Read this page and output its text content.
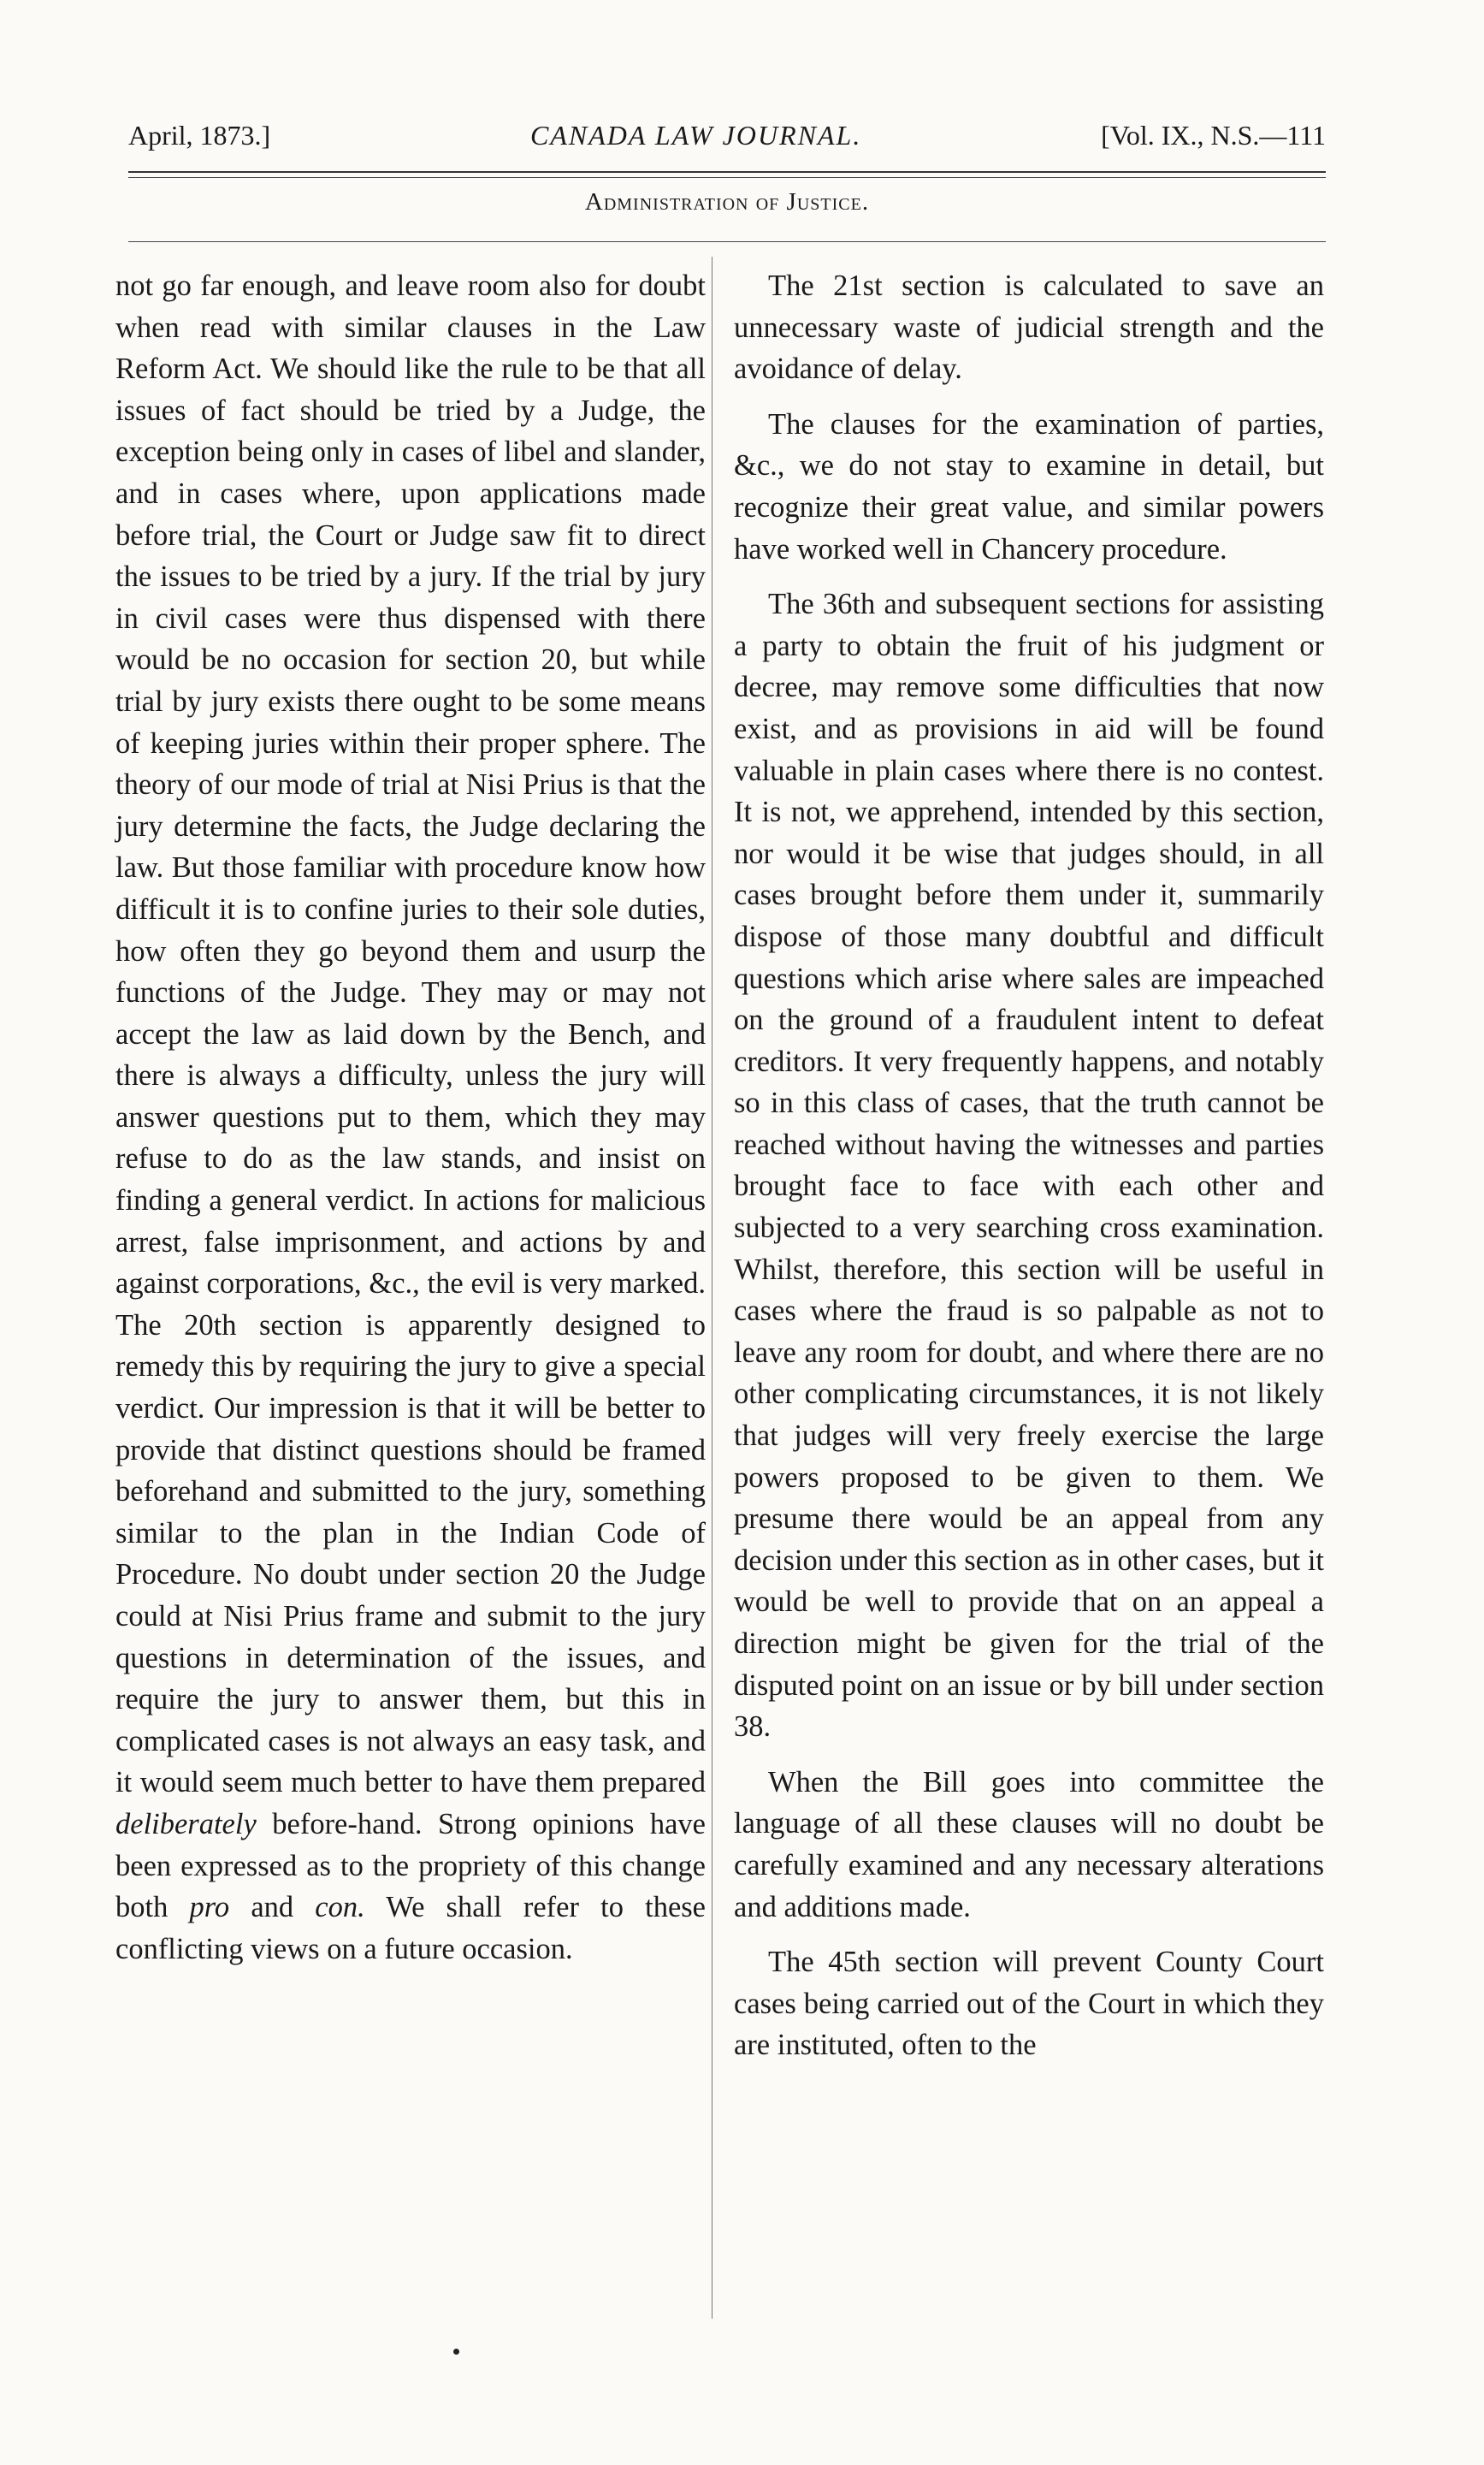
April, 1873.]	CANADA LAW JOURNAL.	[Vol. IX., N.S.—111
Administration of Justice.

not go far enough, and leave room also for doubt when read with similar clauses in the Law Reform Act. We should like the rule to be that all issues of fact should be tried by a Judge, the exception being only in cases of libel and slander, and in cases where, upon applications made before trial, the Court or Judge saw fit to direct the issues to be tried by a jury. If the trial by jury in civil cases were thus dispensed with there would be no occasion for section 20, but while trial by jury exists there ought to be some means of keeping juries within their proper sphere. The theory of our mode of trial at Nisi Prius is that the jury determine the facts, the Judge declaring the law. But those familiar with procedure know how difficult it is to confine juries to their sole duties, how often they go beyond them and usurp the functions of the Judge. They may or may not accept the law as laid down by the Bench, and there is always a difficulty, unless the jury will answer questions put to them, which they may refuse to do as the law stands, and insist on finding a general verdict. In actions for malicious arrest, false imprisonment, and actions by and against corporations, &c., the evil is very marked. The 20th section is apparently designed to remedy this by requiring the jury to give a special verdict. Our impression is that it will be better to provide that distinct questions should be framed beforehand and submitted to the jury, something similar to the plan in the Indian Code of Procedure. No doubt under section 20 the Judge could at Nisi Prius frame and submit to the jury questions in determination of the issues, and require the jury to answer them, but this in complicated cases is not always an easy task, and it would seem much better to have them prepared deliberately before-hand. Strong opinions have been expressed as to the propriety of this change both pro and con. We shall refer to these conflicting views on a future occasion.

The 21st section is calculated to save an unnecessary waste of judicial strength and the avoidance of delay.

The clauses for the examination of parties, &c., we do not stay to examine in detail, but recognize their great value, and similar powers have worked well in Chancery procedure.

The 36th and subsequent sections for assisting a party to obtain the fruit of his judgment or decree, may remove some difficulties that now exist, and as provisions in aid will be found valuable in plain cases where there is no contest. It is not, we apprehend, intended by this section, nor would it be wise that judges should, in all cases brought before them under it, summarily dispose of those many doubtful and difficult questions which arise where sales are impeached on the ground of a fraudulent intent to defeat creditors. It very frequently happens, and notably so in this class of cases, that the truth cannot be reached without having the witnesses and parties brought face to face with each other and subjected to a very searching cross examination. Whilst, therefore, this section will be useful in cases where the fraud is so palpable as not to leave any room for doubt, and where there are no other complicating circumstances, it is not likely that judges will very freely exercise the large powers proposed to be given to them. We presume there would be an appeal from any decision under this section as in other cases, but it would be well to provide that on an appeal a direction might be given for the trial of the disputed point on an issue or by bill under section 38.

When the Bill goes into committee the language of all these clauses will no doubt be carefully examined and any necessary alterations and additions made.

The 45th section will prevent County Court cases being carried out of the Court in which they are instituted, often to the
